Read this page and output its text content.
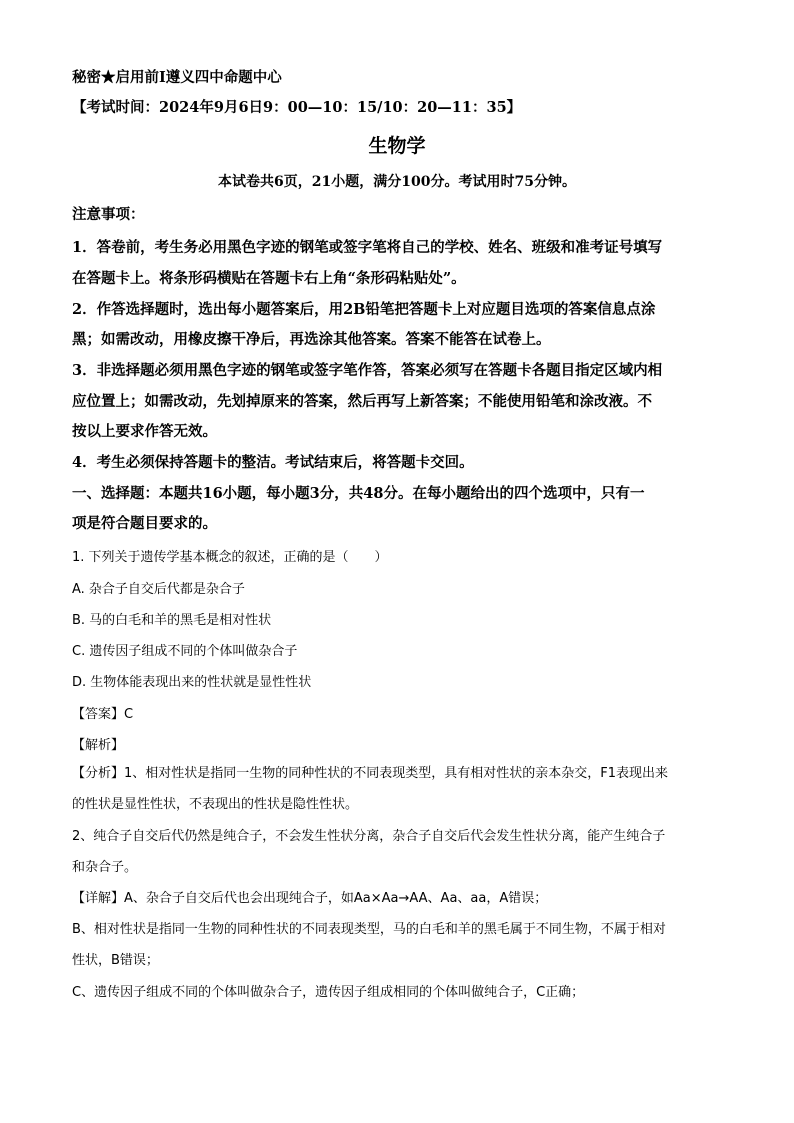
秘密★启用前Ⅰ遵义四中命题中心
【考试时间：2024年9月6日9：00—10：15/10：20—11：35】
生物学
本试卷共6页，21小题，满分100分。考试用时75分钟。
注意事项：
1．答卷前，考生务必用黑色字迹的钢笔或签字笔将自己的学校、姓名、班级和准考证号填写
在答题卡上。将条形码横贴在答题卡右上角“条形码粘贴处”。
2．作答选择题时，选出每小题答案后，用2B铅笔把答题卡上对应题目选项的答案信息点涂
黑；如需改动，用橡皮擦干净后，再选涂其他答案。答案不能答在试卷上。
3．非选择题必须用黑色字迹的钢笔或签字笔作答，答案必须写在答题卡各题目指定区域内相
应位置上；如需改动，先划掉原来的答案，然后再写上新答案；不能使用铅笔和涂改液。不
按以上要求作答无效。
4．考生必须保持答题卡的整洁。考试结束后，将答题卡交回。
一、选择题：本题共16小题，每小题3分，共48分。在每小题给出的四个选项中，只有一
项是符合题目要求的。
1. 下列关于遗传学基本概念的叙述，正确的是（　　）
A. 杂合子自交后代都是杂合子
B. 马的白毛和羊的黑毛是相对性状
C. 遗传因子组成不同的个体叫做杂合子
D. 生物体能表现出来的性状就是显性性状
【答案】C
【解析】
【分析】1、相对性状是指同一生物的同种性状的不同表现类型，具有相对性状的亲本杂交，F1表现出来
的性状是显性性状，不表现出的性状是隐性性状。
2、纯合子自交后代仍然是纯合子，不会发生性状分离，杂合子自交后代会发生性状分离，能产生纯合子
和杂合子。
【详解】A、杂合子自交后代也会出现纯合子，如Aa×Aa→AA、Aa、aa，A错误；
B、相对性状是指同一生物的同种性状的不同表现类型，马的白毛和羊的黑毛属于不同生物，不属于相对
性状，B错误；
C、遗传因子组成不同的个体叫做杂合子，遗传因子组成相同的个体叫做纯合子，C正确；
